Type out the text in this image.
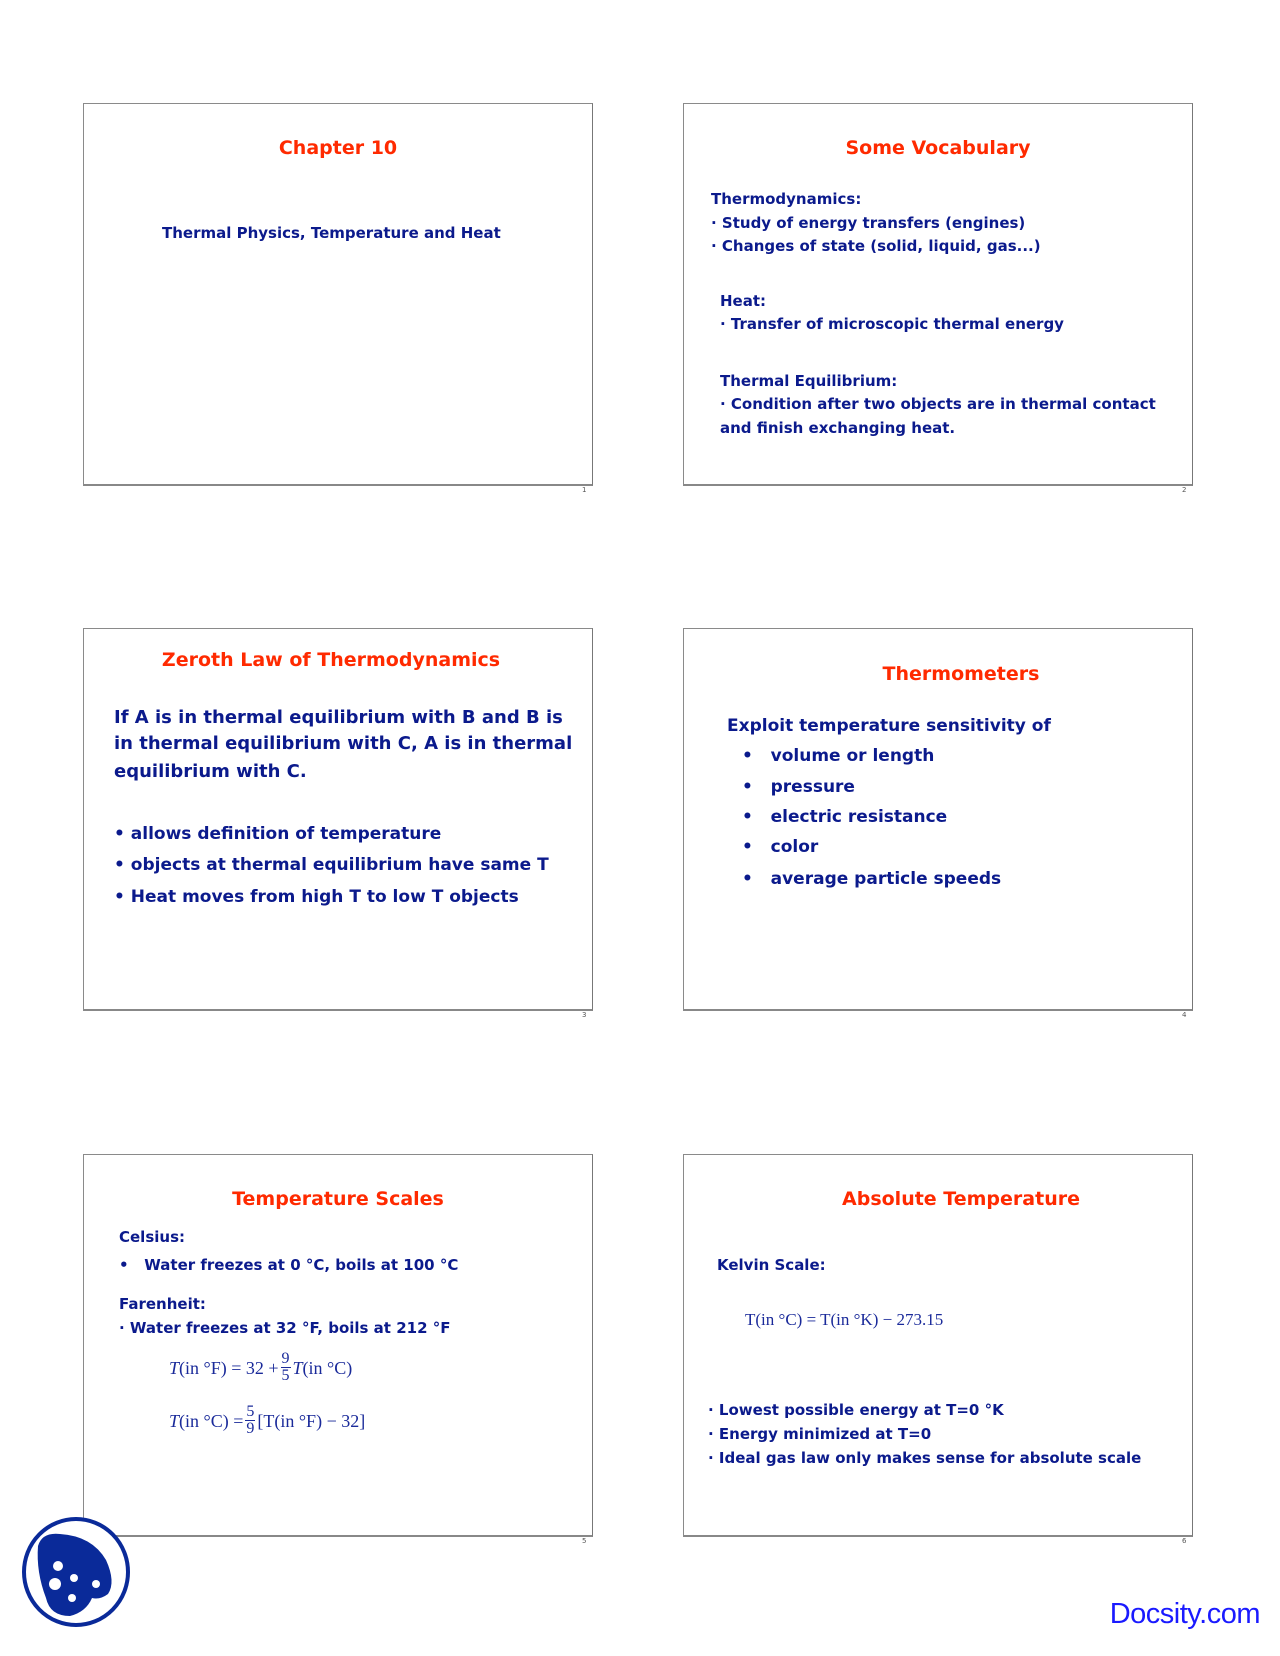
Chapter 10
Thermal Physics, Temperature and Heat
1
Some Vocabulary
Thermodynamics:
· Study of energy transfers (engines)
· Changes of state (solid, liquid, gas...)
Heat:
· Transfer of microscopic thermal energy
Thermal Equilibrium:
· Condition after two objects are in thermal contact
and finish exchanging heat.
2
Zeroth Law of Thermodynamics
If A is in thermal equilibrium with B and B is
in thermal equilibrium with C, A is in thermal
equilibrium with C.
• allows definition of temperature
• objects at thermal equilibrium have same T
• Heat moves from high T to low T objects
3
Thermometers
Exploit temperature sensitivity of
•   volume or length
•   pressure
•   electric resistance
•   color
•   average particle speeds
4
Temperature Scales
Celsius:
•   Water freezes at 0 °C, boils at 100 °C
Farenheit:
· Water freezes at 32 °F, boils at 212 °F
T (in $^\circ F) = 32 + \frac{9}{5}$ T (in °C)
T (in $^\circ C) = \frac{5}{9} [T(in$ °F) − 32]
5
Absolute Temperature
Kelvin Scale:
T(in °C) = T(in °K) − 273.15
· Lowest possible energy at T=0 °K
· Energy minimized at T=0
· Ideal gas law only makes sense for absolute scale
6
Docsity.com
